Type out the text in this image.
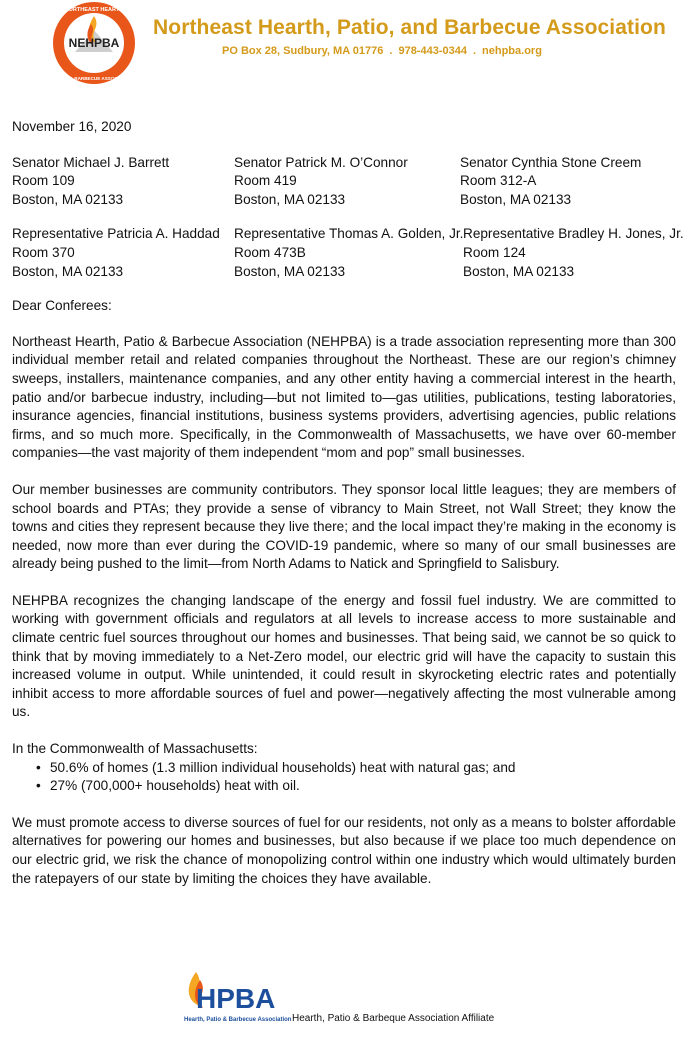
NEHPBA
NORTHEAST HEARTH
PATIO & BARBECUE ASSOCIATION
Northeast Hearth, Patio, and Barbecue Association
PO Box 28, Sudbury, MA 01776 . 978-443-0344 . nehpba.org
November 16, 2020
Senator Michael J. Barrett
Room 109
Boston, MA 02133
Senator Patrick M. O’Connor
Room 419
Boston, MA 02133
Senator Cynthia Stone Creem
Room 312-A
Boston, MA 02133
Representative Patricia A. Haddad
Room 370
Boston, MA 02133
Representative Thomas A. Golden, Jr.
Room 473B
Boston, MA 02133
Representative Bradley H. Jones, Jr.
Room 124
Boston, MA 02133
Dear Conferees:

Northeast Hearth, Patio & Barbecue Association (NEHPBA) is a trade association representing more than 300 individual member retail and related companies throughout the Northeast. These are our region’s chimney sweeps, installers, maintenance companies, and any other entity having a commercial interest in the hearth, patio and/or barbecue industry, including—but not limited to—gas utilities, publications, testing laboratories, insurance agencies, financial institutions, business systems providers, advertising agencies, public relations firms, and so much more. Specifically, in the Commonwealth of Massachusetts, we have over 60-member companies—the vast majority of them independent “mom and pop” small businesses.

Our member businesses are community contributors. They sponsor local little leagues; they are members of school boards and PTAs; they provide a sense of vibrancy to Main Street, not Wall Street; they know the towns and cities they represent because they live there; and the local impact they’re making in the economy is needed, now more than ever during the COVID-19 pandemic, where so many of our small businesses are already being pushed to the limit—from North Adams to Natick and Springfield to Salisbury.

NEHPBA recognizes the changing landscape of the energy and fossil fuel industry. We are committed to working with government officials and regulators at all levels to increase access to more sustainable and climate centric fuel sources throughout our homes and businesses. That being said, we cannot be so quick to think that by moving immediately to a Net-Zero model, our electric grid will have the capacity to sustain this increased volume in output. While unintended, it could result in skyrocketing electric rates and potentially inhibit access to more affordable sources of fuel and power—negatively affecting the most vulnerable among us.

In the Commonwealth of Massachusetts:
• 50.6% of homes (1.3 million individual households) heat with natural gas; and
• 27% (700,000+ households) heat with oil.

We must promote access to diverse sources of fuel for our residents, not only as a means to bolster affordable alternatives for powering our homes and businesses, but also because if we place too much dependence on our electric grid, we risk the chance of monopolizing control within one industry which would ultimately burden the ratepayers of our state by limiting the choices they have available.

HPBA
Hearth, Patio & Barbecue Association Hearth, Patio & Barbeque Association Affiliate
